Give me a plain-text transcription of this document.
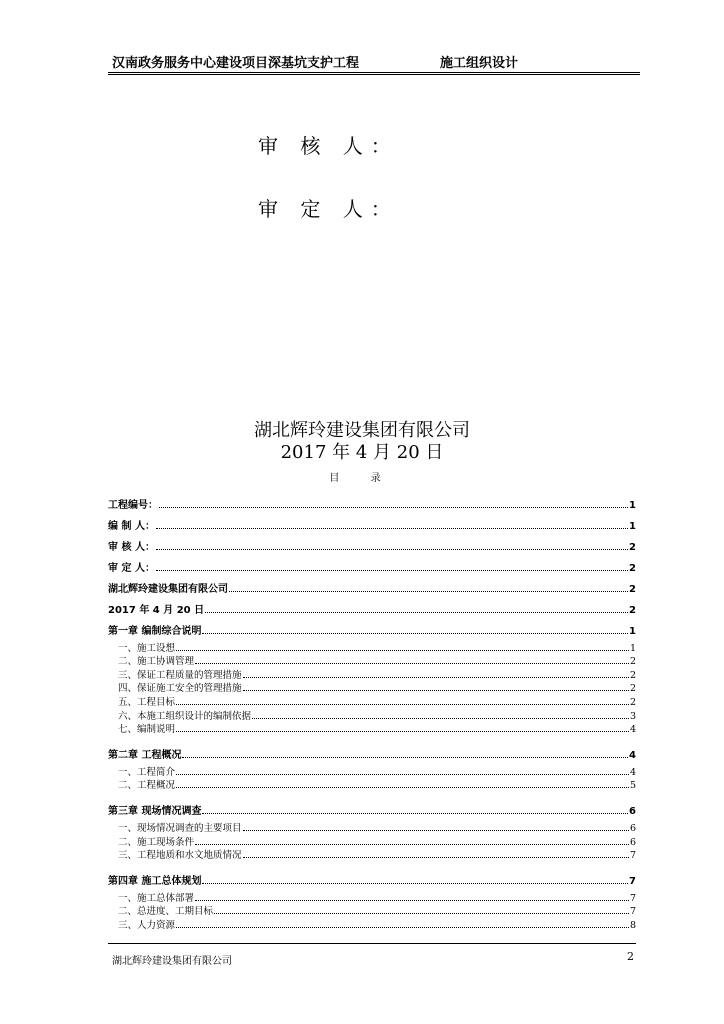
汉南政务服务中心建设项目深基坑支护工程	施工组织设计
审 核 人：
审 定 人：
湖北辉玲建设集团有限公司
2017 年 4 月 20 日
目 录
工程编号：	1
编 制 人：	1
审 核 人：	2
审 定 人：	2
湖北辉玲建设集团有限公司	2
2017 年 4 月 20 日	2
第一章 编制综合说明	1
一、施工设想	1
二、施工协调管理	2
三、保证工程质量的管理措施	2
四、保证施工安全的管理措施	2
五、工程目标	2
六、本施工组织设计的编制依据	3
七、编制说明	4
第二章 工程概况	4
一、工程简介	4
二、工程概况	5
第三章 现场情况调查	6
一、现场情况调查的主要项目	6
二、施工现场条件	6
三、工程地质和水文地质情况	7
第四章 施工总体规划	7
一、施工总体部署	7
二、总进度、工期目标	7
三、人力资源	8
湖北辉玲建设集团有限公司	2
